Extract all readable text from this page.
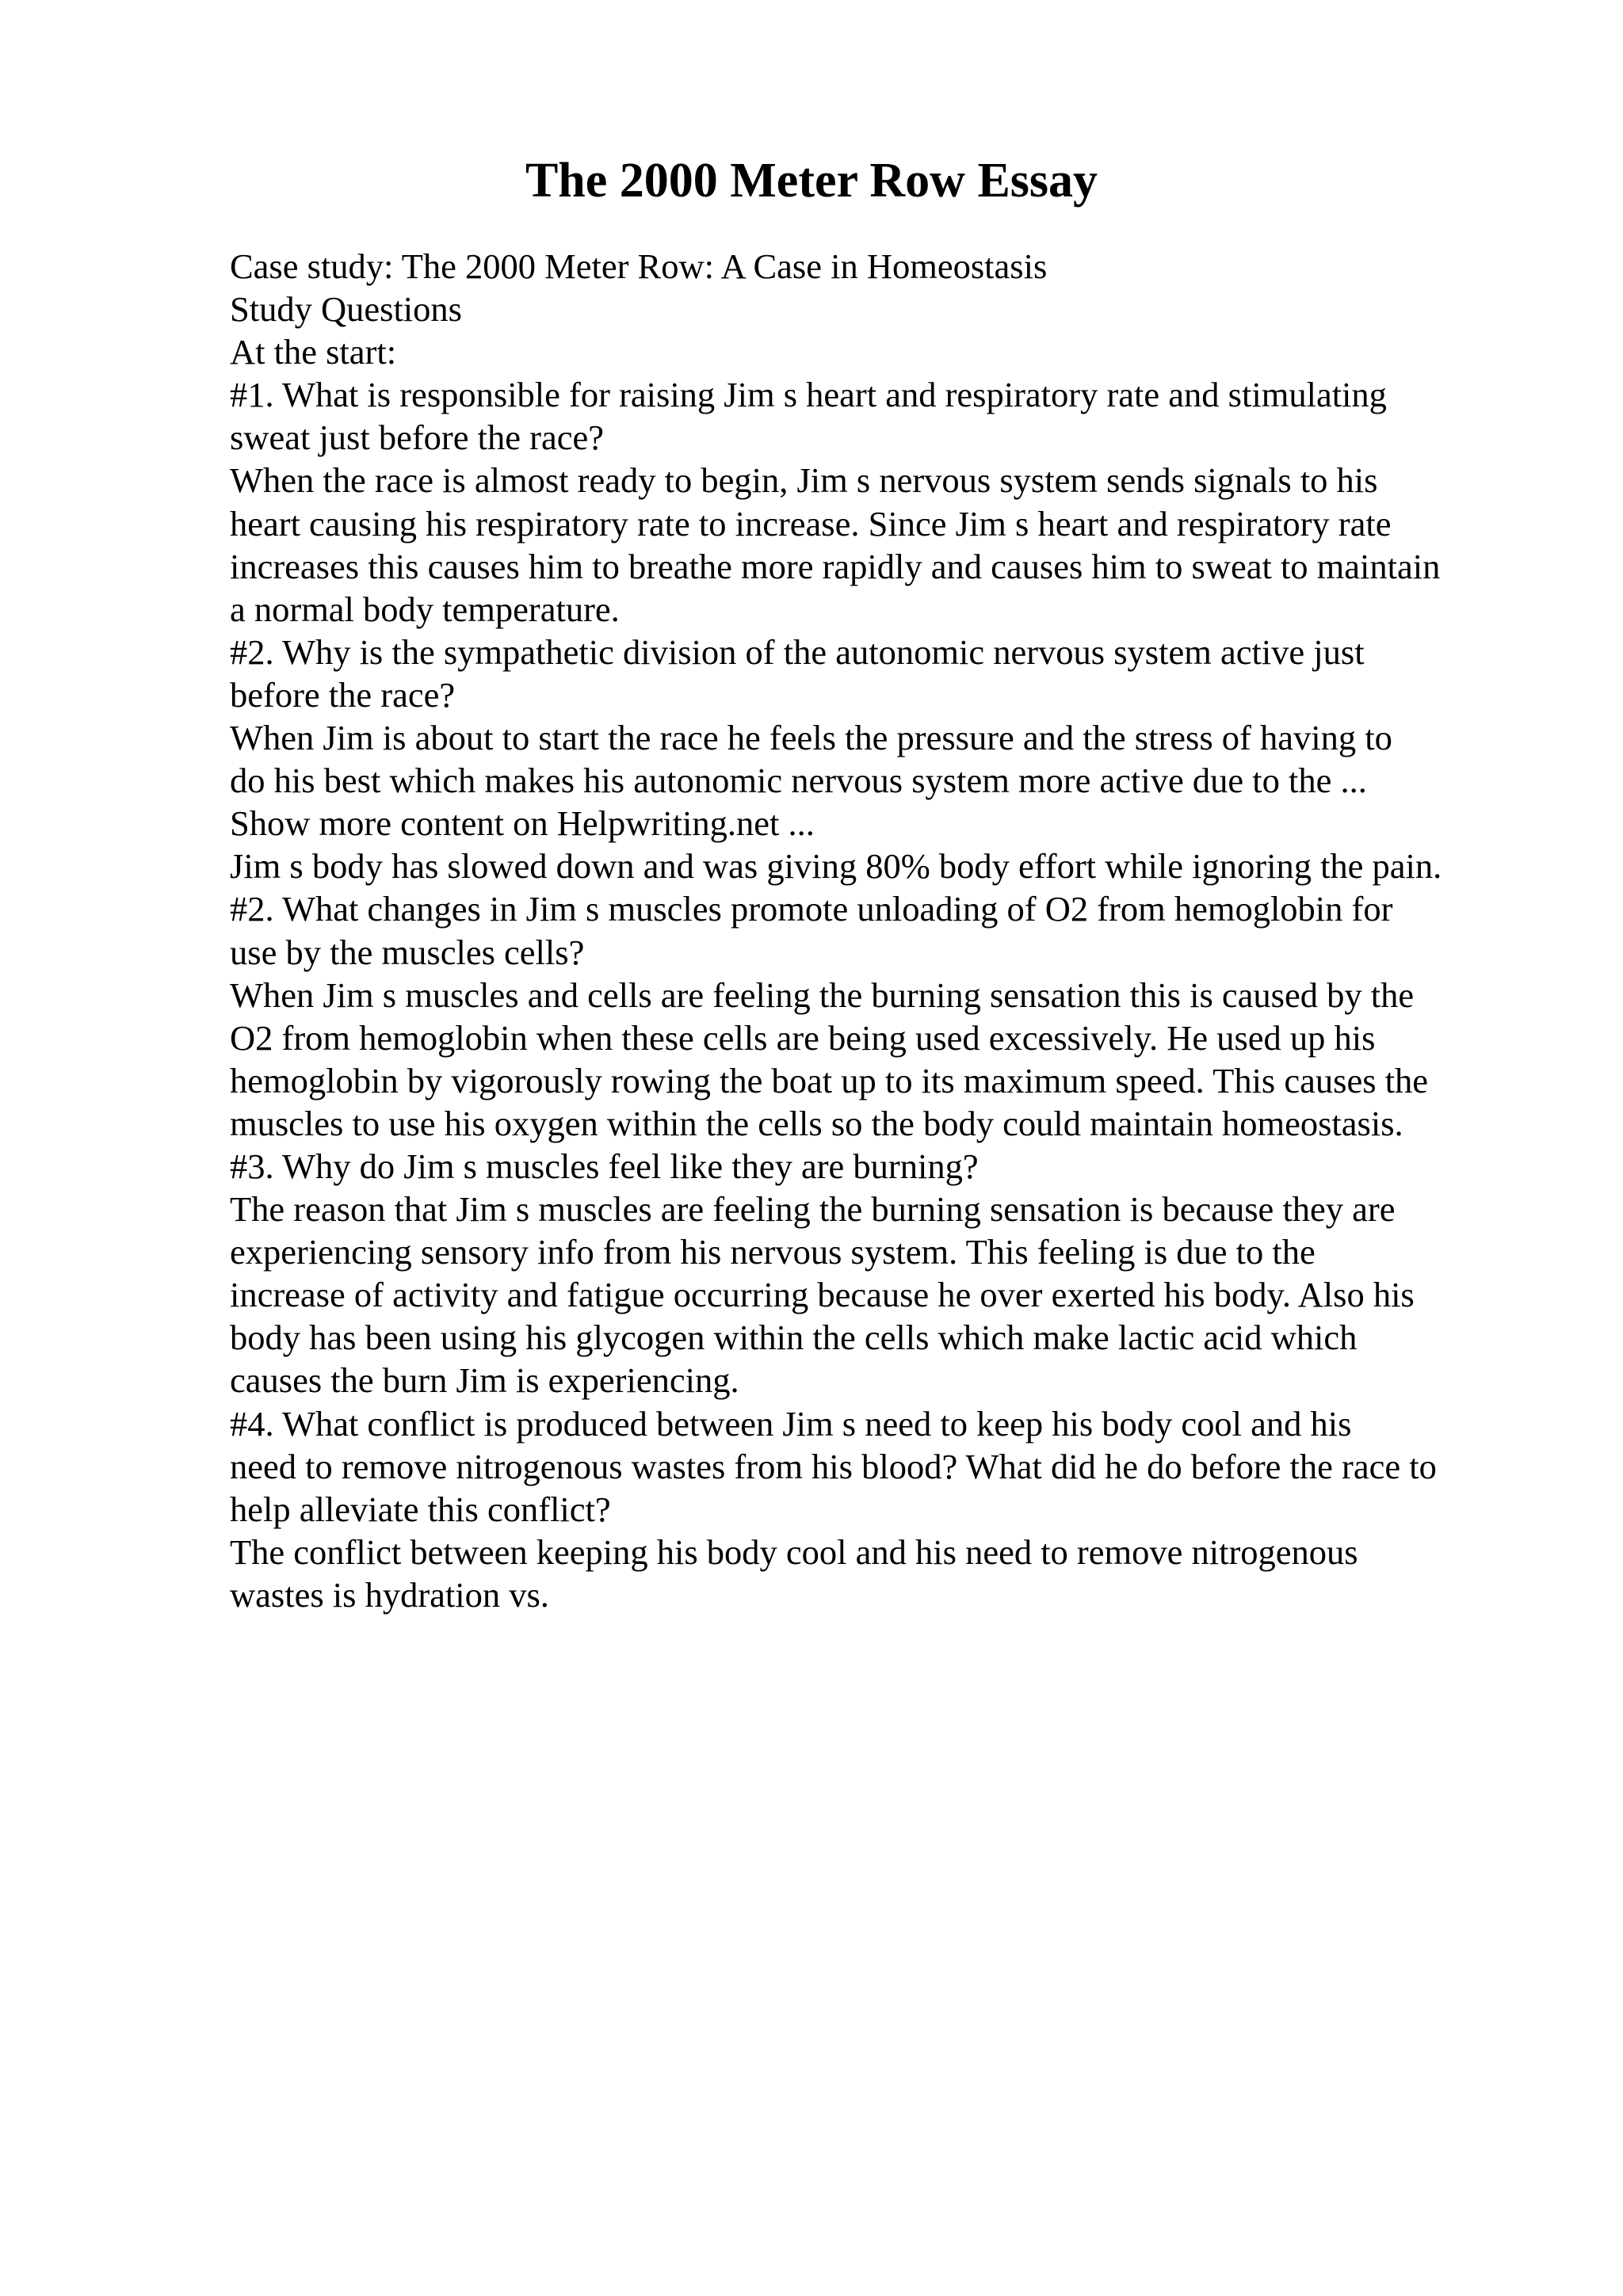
The 2000 Meter Row Essay
Case study: The 2000 Meter Row: A Case in Homeostasis
Study Questions
At the start:
#1. What is responsible for raising Jim s heart and respiratory rate and stimulating
sweat just before the race?
When the race is almost ready to begin, Jim s nervous system sends signals to his
heart causing his respiratory rate to increase. Since Jim s heart and respiratory rate
increases this causes him to breathe more rapidly and causes him to sweat to maintain
a normal body temperature.
#2. Why is the sympathetic division of the autonomic nervous system active just
before the race?
When Jim is about to start the race he feels the pressure and the stress of having to
do his best which makes his autonomic nervous system more active due to the ...
Show more content on Helpwriting.net ...
Jim s body has slowed down and was giving 80% body effort while ignoring the pain.
#2. What changes in Jim s muscles promote unloading of O2 from hemoglobin for
use by the muscles cells?
When Jim s muscles and cells are feeling the burning sensation this is caused by the
O2 from hemoglobin when these cells are being used excessively. He used up his
hemoglobin by vigorously rowing the boat up to its maximum speed. This causes the
muscles to use his oxygen within the cells so the body could maintain homeostasis.
#3. Why do Jim s muscles feel like they are burning?
The reason that Jim s muscles are feeling the burning sensation is because they are
experiencing sensory info from his nervous system. This feeling is due to the
increase of activity and fatigue occurring because he over exerted his body. Also his
body has been using his glycogen within the cells which make lactic acid which
causes the burn Jim is experiencing.
#4. What conflict is produced between Jim s need to keep his body cool and his
need to remove nitrogenous wastes from his blood? What did he do before the race to
help alleviate this conflict?
The conflict between keeping his body cool and his need to remove nitrogenous
wastes is hydration vs.
